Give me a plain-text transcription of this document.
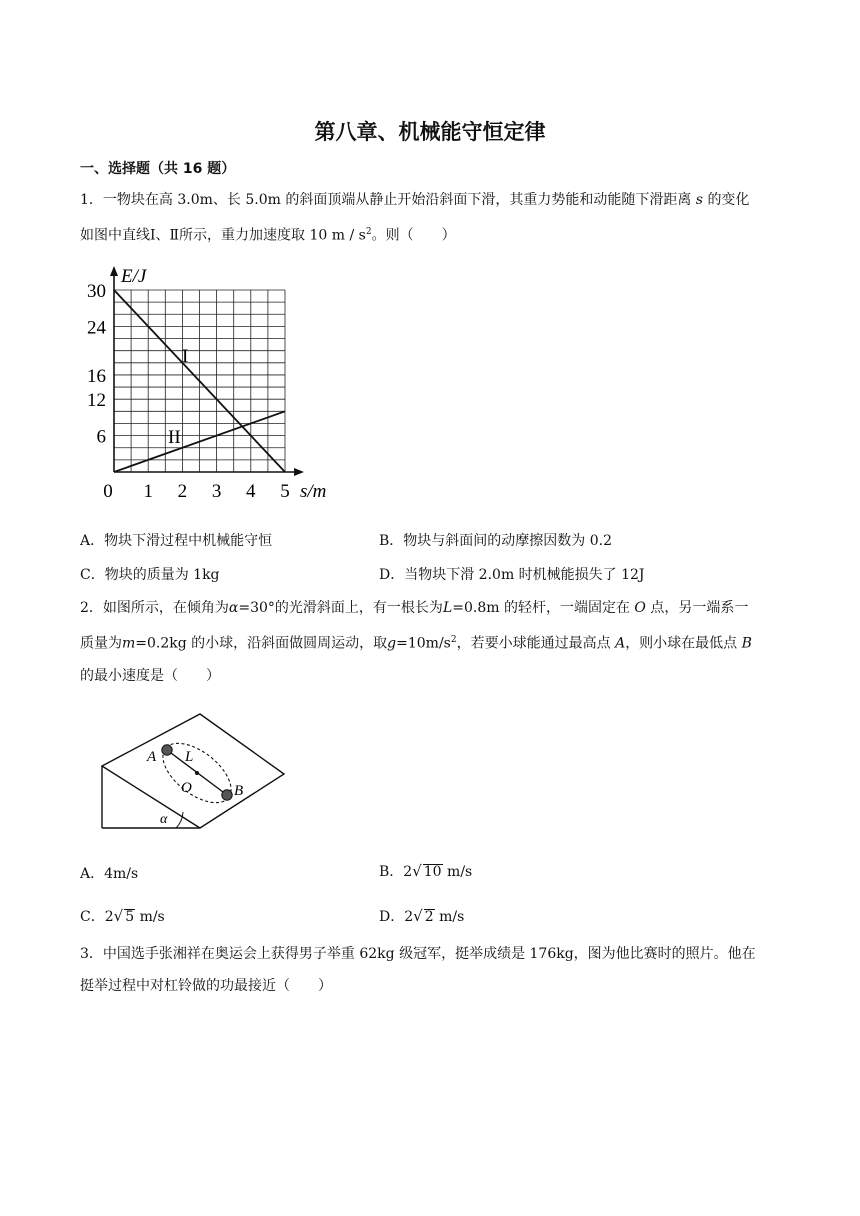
第八章、机械能守恒定律
一、选择题（共 16 题）
1．一物块在高 3.0m、长 5.0m 的斜面顶端从静止开始沿斜面下滑，其重力势能和动能随下滑距离 s 的变化
如图中直线Ⅰ、Ⅱ所示，重力加速度取 10 m / $s^2$。则（　　）
I
II
30
24
16
12
6
0 1 2 3 4 5
E/J
s/m
A．物块下滑过程中机械能守恒	B．物块与斜面间的动摩擦因数为 0.2
C．物块的质量为 1kg	D．当物块下滑 2.0m 时机械能损失了 12J
2．如图所示，在倾角为α=30°的光滑斜面上，有一根长为L=0.8m 的轻杆，一端固定在 O 点，另一端系一
质量为m=0.2kg 的小球，沿斜面做圆周运动，取$g=10m/s^2$，若要小球能通过最高点 A，则小球在最低点 B
的最小速度是（　　）
A L
O	B
α
A．4m/s	B．2√ 10 m/s
C．2√ 5 m/s	D．2√ 2 m/s
3．中国选手张湘祥在奥运会上获得男子举重 62kg 级冠军，挺举成绩是 176kg，图为他比赛时的照片。他在
挺举过程中对杠铃做的功最接近（　　）
